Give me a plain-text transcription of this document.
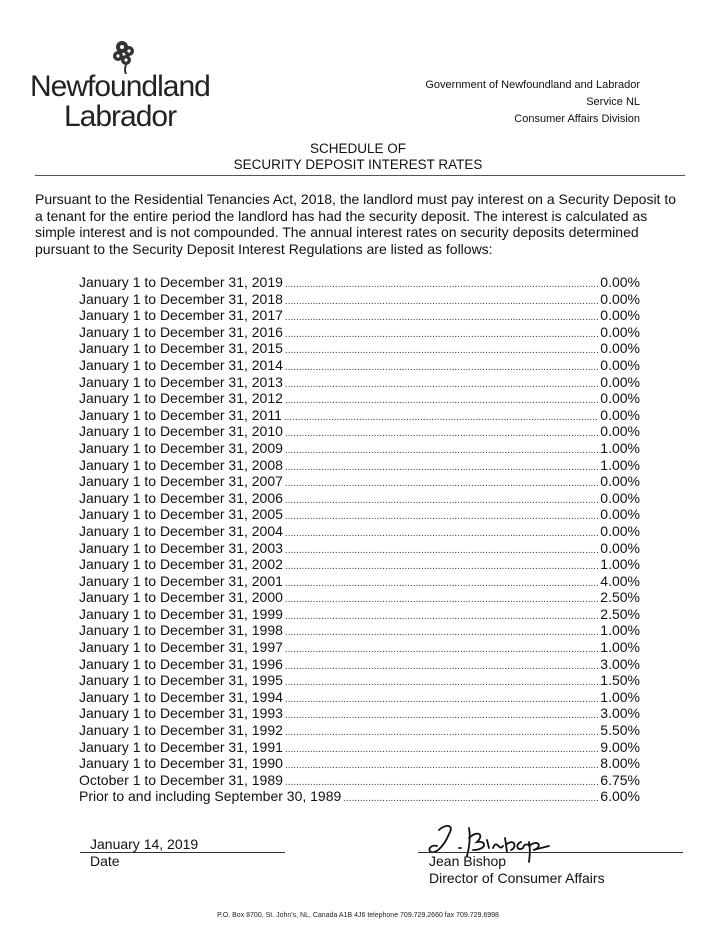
Newfoundland
Labrador
Government of Newfoundland and Labrador
Service NL
Consumer Affairs Division
SCHEDULE OF
SECURITY DEPOSIT INTEREST RATES
Pursuant to the Residential Tenancies Act, 2018, the landlord must pay interest on a Security Deposit to a tenant for the entire period the landlord has had the security deposit. The interest is calculated as simple interest and is not compounded. The annual interest rates on security deposits determined pursuant to the Security Deposit Interest Regulations are listed as follows:
January 1 to December 31, 2019 .....	0.00%
January 1 to December 31, 2018 .....	0.00%
January 1 to December 31, 2017 .....	0.00%
January 1 to December 31, 2016 .....	0.00%
January 1 to December 31, 2015 .....	0.00%
January 1 to December 31, 2014 .....	0.00%
January 1 to December 31, 2013 .....	0.00%
January 1 to December 31, 2012 .....	0.00%
January 1 to December 31, 2011 .....	0.00%
January 1 to December 31, 2010 .....	0.00%
January 1 to December 31, 2009 .....	1.00%
January 1 to December 31, 2008 .....	1.00%
January 1 to December 31, 2007 .....	0.00%
January 1 to December 31, 2006 .....	0.00%
January 1 to December 31, 2005 .....	0.00%
January 1 to December 31, 2004 .....	0.00%
January 1 to December 31, 2003 .....	0.00%
January 1 to December 31, 2002 .....	1.00%
January 1 to December 31, 2001 .....	4.00%
January 1 to December 31, 2000 .....	2.50%
January 1 to December 31, 1999 .....	2.50%
January 1 to December 31, 1998 .....	1.00%
January 1 to December 31, 1997 .....	1.00%
January 1 to December 31, 1996 .....	3.00%
January 1 to December 31, 1995 .....	1.50%
January 1 to December 31, 1994 .....	1.00%
January 1 to December 31, 1993 .....	3.00%
January 1 to December 31, 1992 .....	5.50%
January 1 to December 31, 1991 .....	9.00%
January 1 to December 31, 1990 .....	8.00%
October 1 to December 31, 1989 .....	6.75%
Prior to and including September 30, 1989 .....	6.00%
January 14, 2019
Date	Jean Bishop
Director of Consumer Affairs
P.O. Box 8700, St. John's, NL, Canada A1B 4J6 telephone 709.729.2660 fax 709.729.6998
